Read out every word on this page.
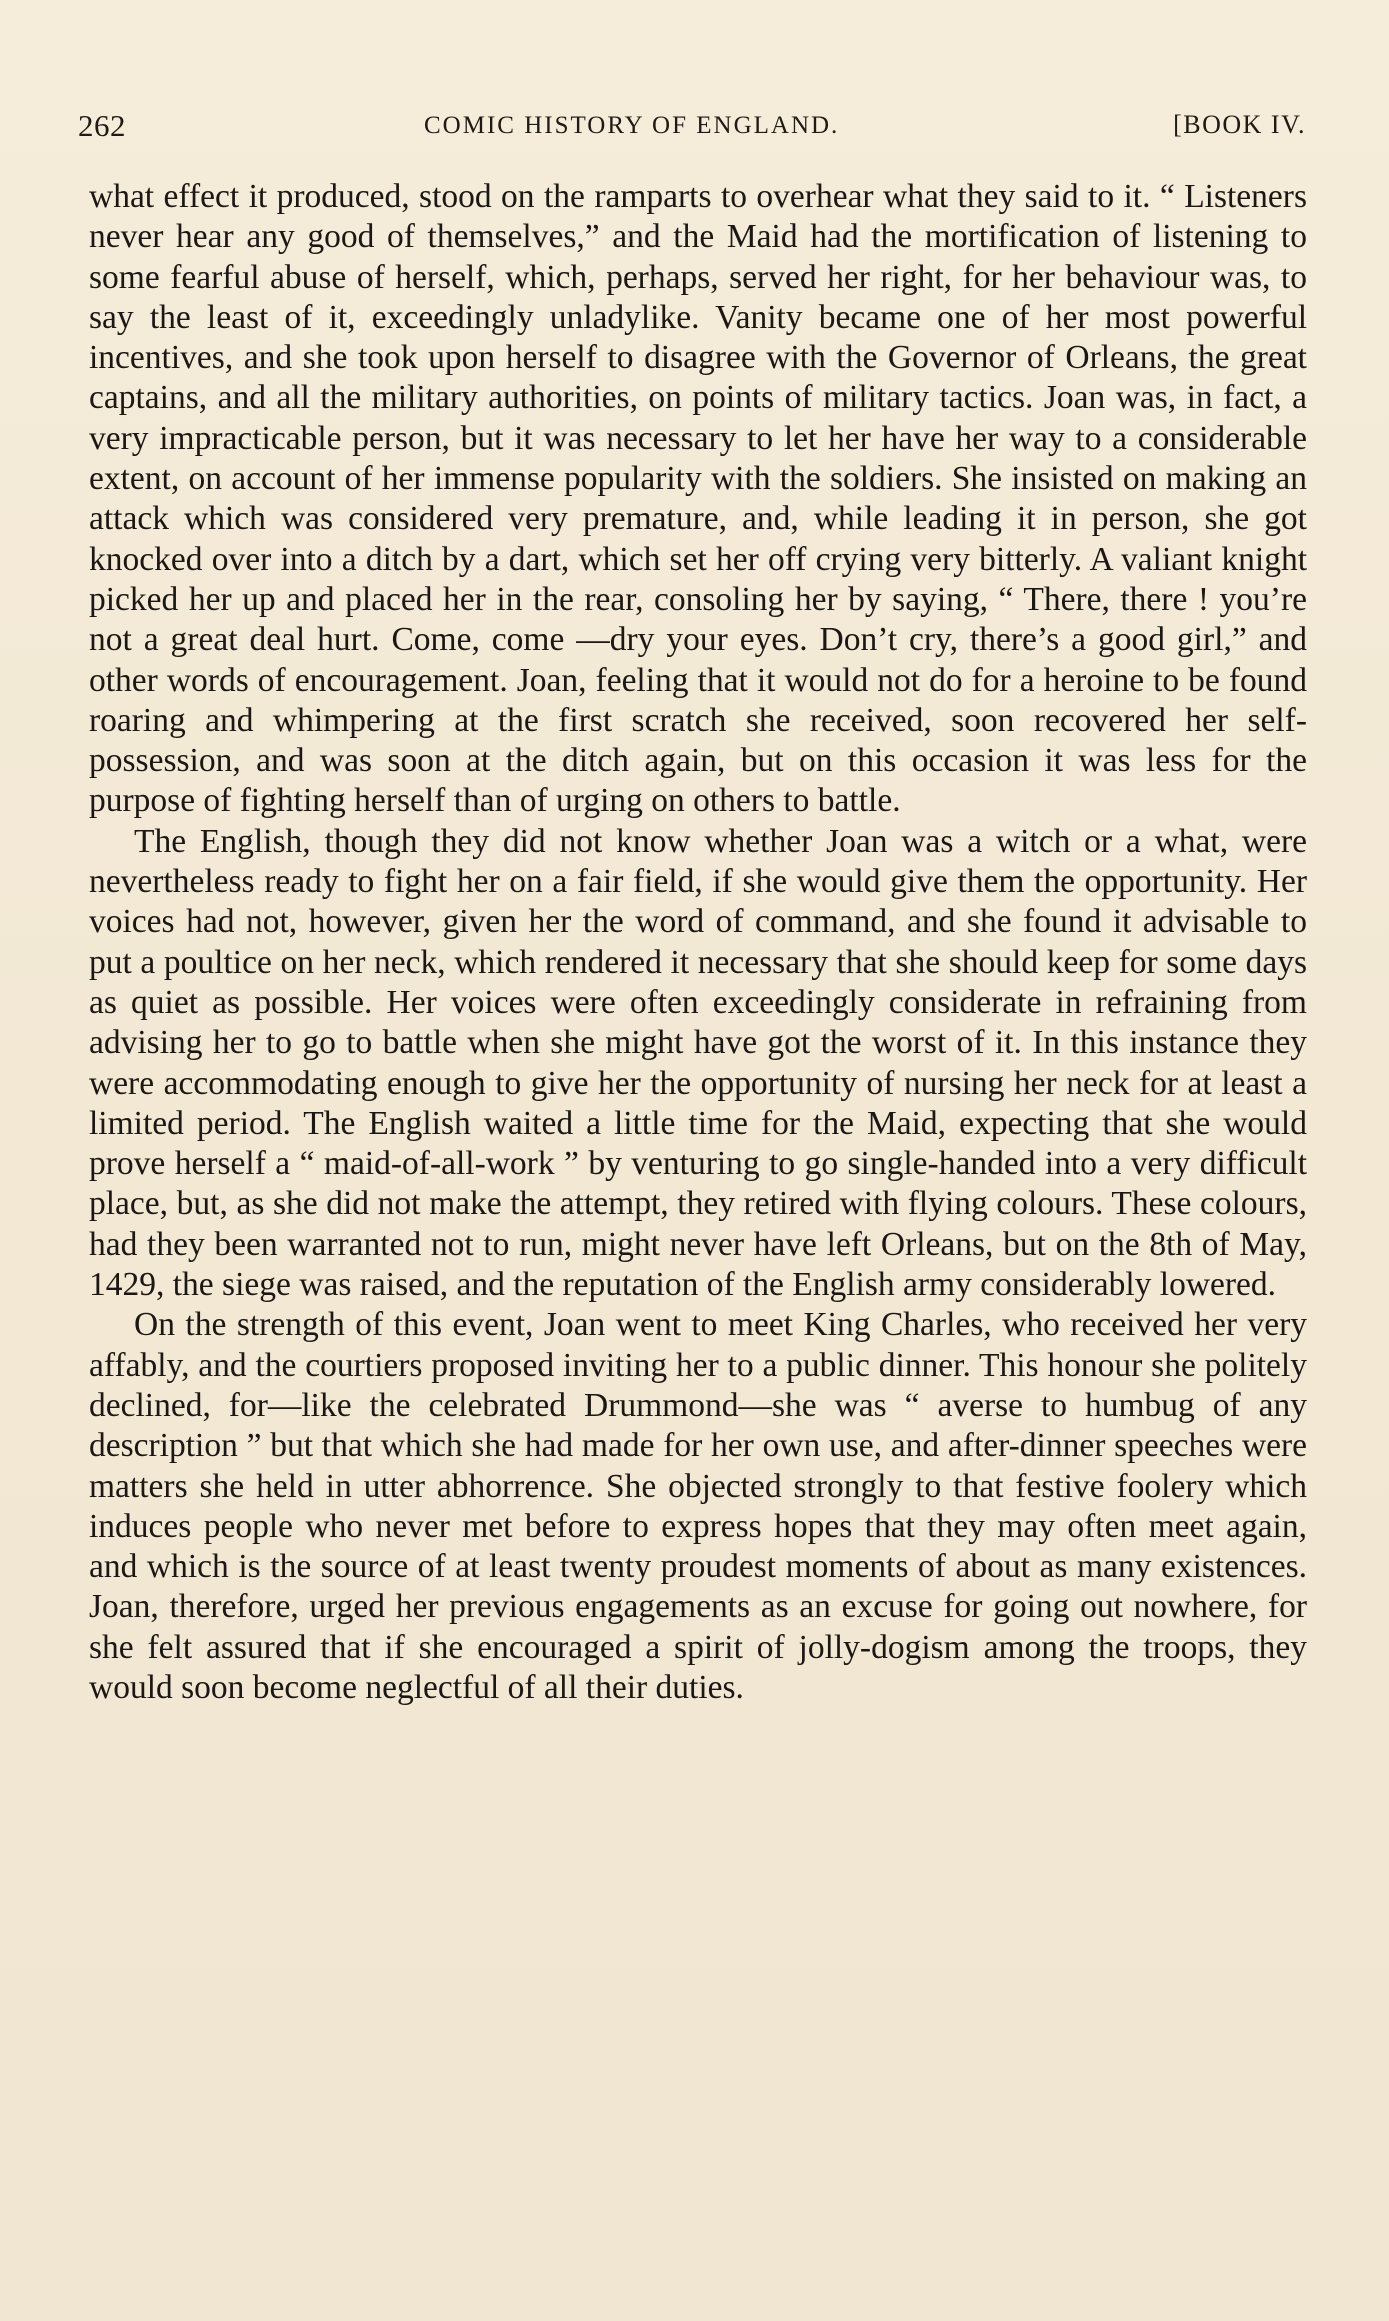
262	COMIC HISTORY OF ENGLAND.	[BOOK IV.

what effect it produced, stood on the ramparts to overhear what they said to it. “ Listeners never hear any good of themselves,” and the Maid had the mortification of listening to some fearful abuse of herself, which, perhaps, served her right, for her behaviour was, to say the least of it, exceedingly unladylike. Vanity became one of her most powerful incentives, and she took upon herself to disagree with the Governor of Orleans, the great captains, and all the military authorities, on points of military tactics. Joan was, in fact, a very impracticable person, but it was necessary to let her have her way to a considerable extent, on account of her immense popularity with the soldiers. She insisted on making an attack which was considered very premature, and, while leading it in person, she got knocked over into a ditch by a dart, which set her off crying very bitterly. A valiant knight picked her up and placed her in the rear, consoling her by saying, “ There, there ! you’re not a great deal hurt. Come, come —dry your eyes. Don’t cry, there’s a good girl,” and other words of encouragement. Joan, feeling that it would not do for a heroine to be found roaring and whimpering at the first scratch she received, soon recovered her self-possession, and was soon at the ditch again, but on this occasion it was less for the purpose of fighting herself than of urging on others to battle.

The English, though they did not know whether Joan was a witch or a what, were nevertheless ready to fight her on a fair field, if she would give them the opportunity. Her voices had not, however, given her the word of command, and she found it advisable to put a poultice on her neck, which rendered it necessary that she should keep for some days as quiet as possible. Her voices were often exceedingly considerate in refraining from advising her to go to battle when she might have got the worst of it. In this instance they were accommodating enough to give her the opportunity of nursing her neck for at least a limited period. The English waited a little time for the Maid, expecting that she would prove herself a “ maid-of-all-work ” by venturing to go single-handed into a very difficult place, but, as she did not make the attempt, they retired with flying colours. These colours, had they been warranted not to run, might never have left Orleans, but on the 8th of May, 1429, the siege was raised, and the reputation of the English army considerably lowered.

On the strength of this event, Joan went to meet King Charles, who received her very affably, and the courtiers proposed inviting her to a public dinner. This honour she politely declined, for—like the celebrated Drummond—she was “ averse to humbug of any description ” but that which she had made for her own use, and after-dinner speeches were matters she held in utter abhorrence. She objected strongly to that festive foolery which induces people who never met before to express hopes that they may often meet again, and which is the source of at least twenty proudest moments of about as many existences. Joan, therefore, urged her previous engagements as an excuse for going out nowhere, for she felt assured that if she encouraged a spirit of jolly-dogism among the troops, they would soon become neglectful of all their duties.
